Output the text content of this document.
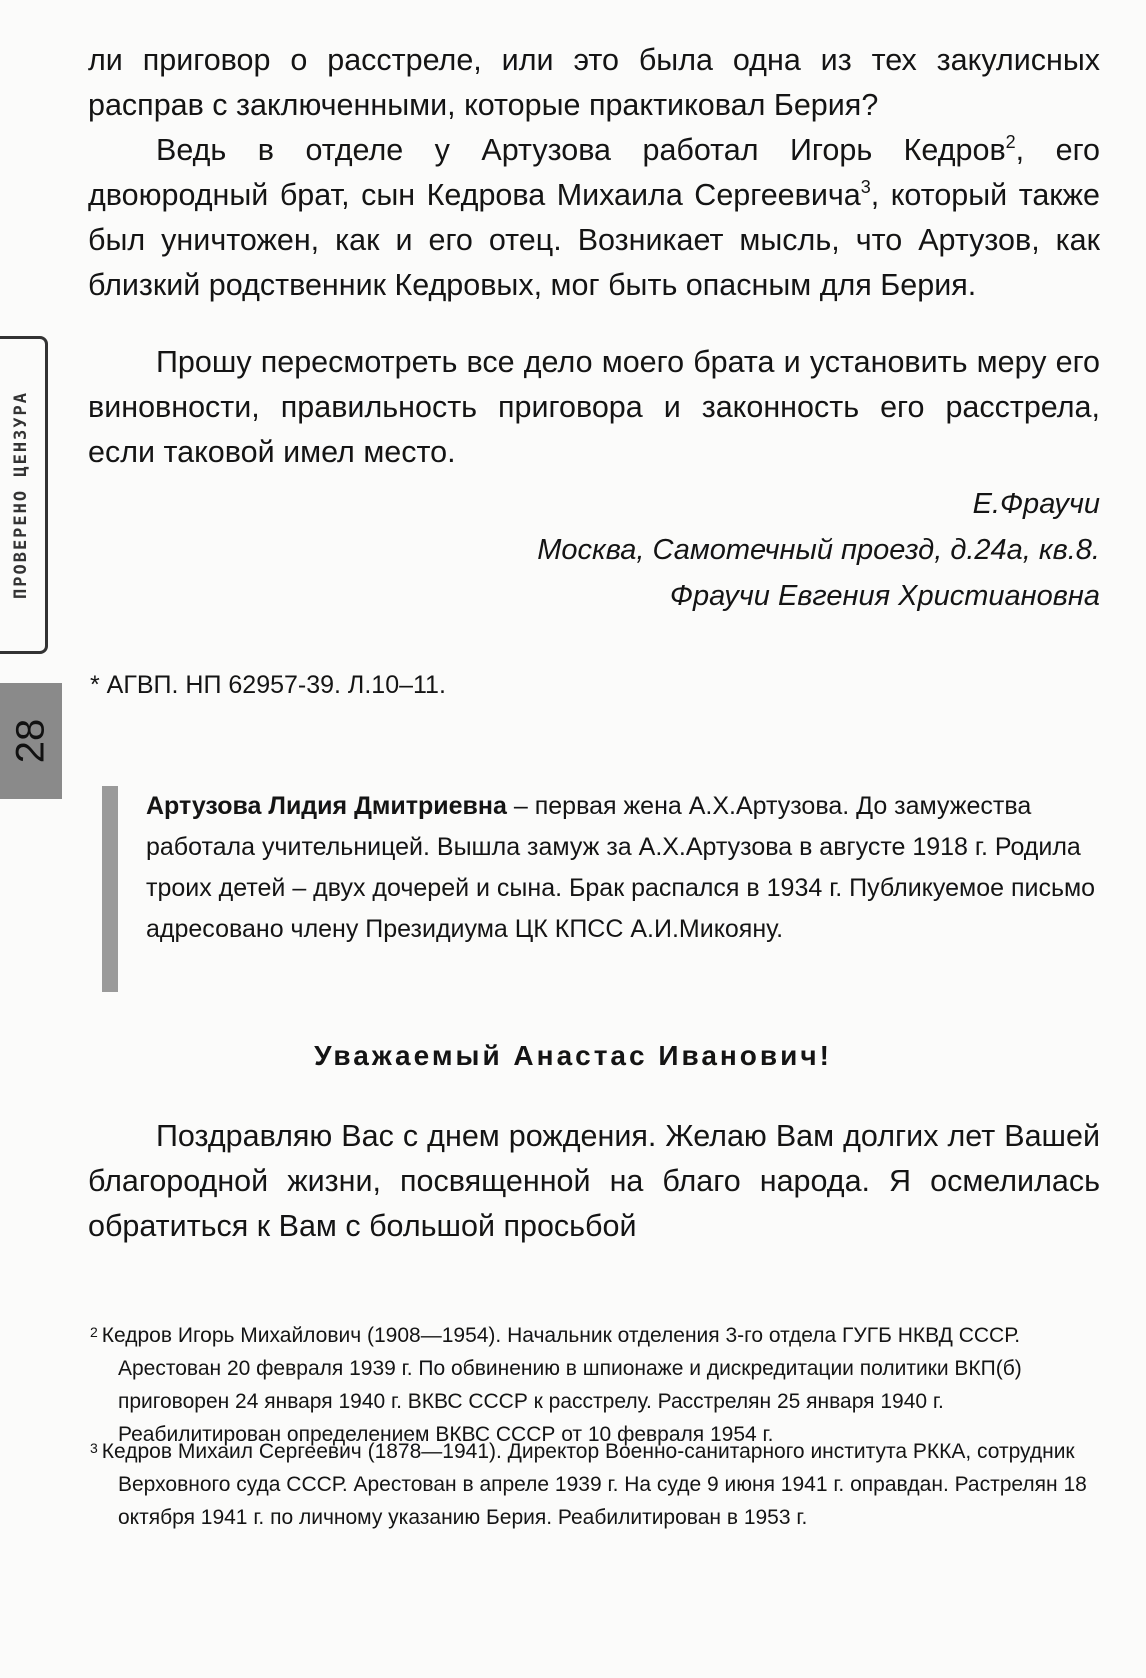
ПРОВЕРЕНО ЦЕНЗУРА
28

ли приговор о расстреле, или это была одна из тех закулисных расправ с заключенными, которые практиковал Берия?

Ведь в отделе у Артузова работал Игорь Кедров$^2$, его двоюродный брат, сын Кедрова Михаила Сергеевича$^3$, который также был уничтожен, как и его отец. Возникает мысль, что Артузов, как близкий родственник Кедровых, мог быть опасным для Берия.

Прошу пересмотреть все дело моего брата и установить меру его виновности, правильность приговора и законность его расстрела, если таковой имел место.

Е.Фраучи

Москва, Самотечный проезд, д.24а, кв.8.

Фраучи Евгения Христиановна

* АГВП. НП 62957-39. Л.10–11.

Артузова Лидия Дмитриевна – первая жена А.Х.Артузова. До замужества работала учительницей. Вышла замуж за А.Х.Артузова в августе 1918 г. Родила троих детей – двух дочерей и сына. Брак распался в 1934 г. Публикуемое письмо адресовано члену Президиума ЦК КПСС А.И.Микояну.

Уважаемый Анастас Иванович!

Поздравляю Вас с днем рождения. Желаю Вам долгих лет Вашей благородной жизни, посвященной на благо народа. Я осмелилась обратиться к Вам с большой просьбой

$^2$ Кедров Игорь Михайлович (1908—1954). Начальник отделения 3-го отдела ГУГБ НКВД СССР. Арестован 20 февраля 1939 г. По обвинению в шпионаже и дискредитации политики ВКП(б) приговорен 24 января 1940 г. ВКВС СССР к расстрелу. Расстрелян 25 января 1940 г. Реабилитирован определением ВКВС СССР от 10 февраля 1954 г.

$^3$ Кедров Михаил Сергеевич (1878—1941). Директор Военно-санитарного института РККА, сотрудник Верховного суда СССР. Арестован в апреле 1939 г. На суде 9 июня 1941 г. оправдан. Растрелян 18 октября 1941 г. по личному указанию Берия. Реабилитирован в 1953 г.
